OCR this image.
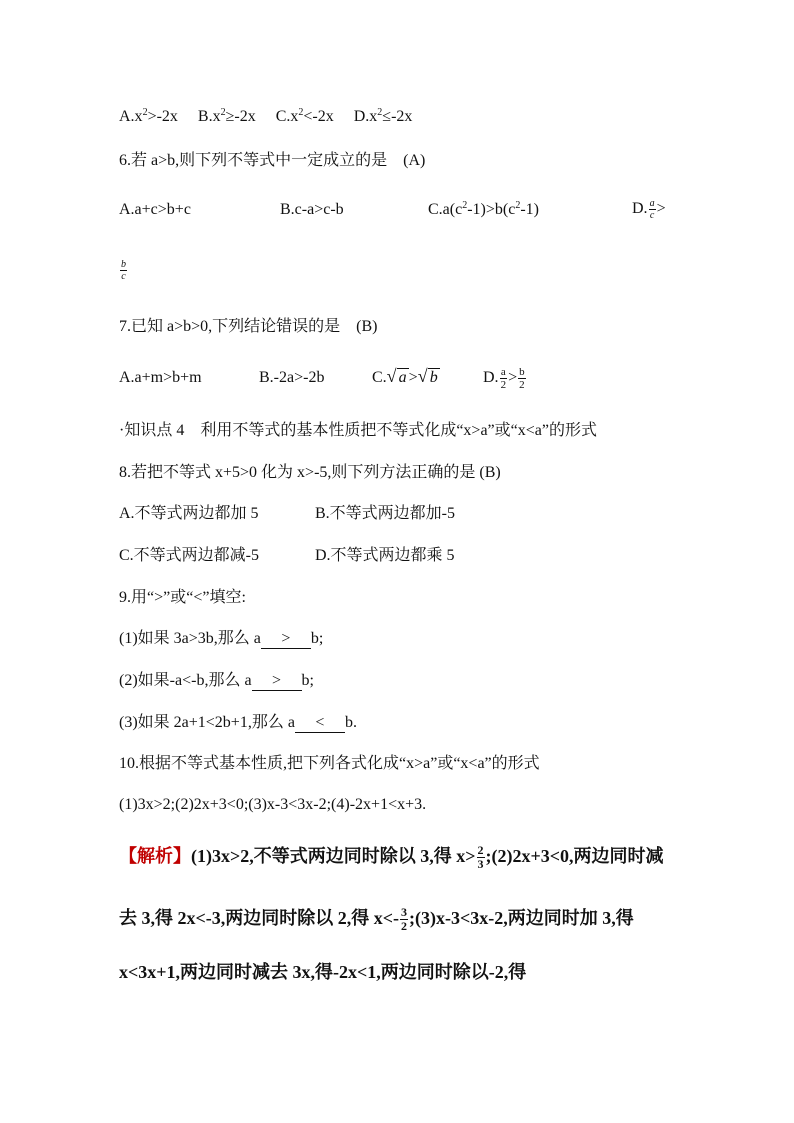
$A.x^2>-2x$ $B.x^2\ge-2x$ $C.x^2<-2x$ $D.x^2\le-2x$
6.若 a>b,则下列不等式中一定成立的是　(A)
A.a+c>b+c	B.c-a>c-b	$C.a(c^2-1)>b(c^2-1)$	D. $\frac{a}{c}$ >
$\frac{b}{c}$
7.已知 a>b>0,下列结论错误的是　(B)
A.a+m>b+m	B.-2a>-2b	C. √ a > √ b	D. $\frac{a}{2} > \frac{b}{2}$
·知识点 4　利用不等式的基本性质把不等式化成“x>a”或“x<a”的形式
8.若把不等式 x+5>0 化为 x>-5,则下列方法正确的是 (B)
A.不等式两边都加 5	B.不等式两边都加-5
C.不等式两边都减-5	D.不等式两边都乘 5
9.用“>”或“<”填空:
(1)如果 3a>3b,那么 a > b;
(2)如果-a<-b,那么 a > b;
(3)如果 2a+1<2b+1,那么 a < b.
10.根据不等式基本性质,把下列各式化成“x>a”或“x<a”的形式
(1)3x>2;(2)2x+3<0;(3)x-3<3x-2;(4)-2x+1<x+3.
【解析】(1)3x>2,不等式两边同时除以 3,得 $x> \frac{2}{3}$ ;(2)2x+3<0,两边同时减
去 3,得 2x<-3,两边同时除以 2,得 $x<- \frac{3}{2}$ ;(3)x-3<3x-2,两边同时加 3,得
x<3x+1,两边同时减去 3x,得-2x<1,两边同时除以-2,得
